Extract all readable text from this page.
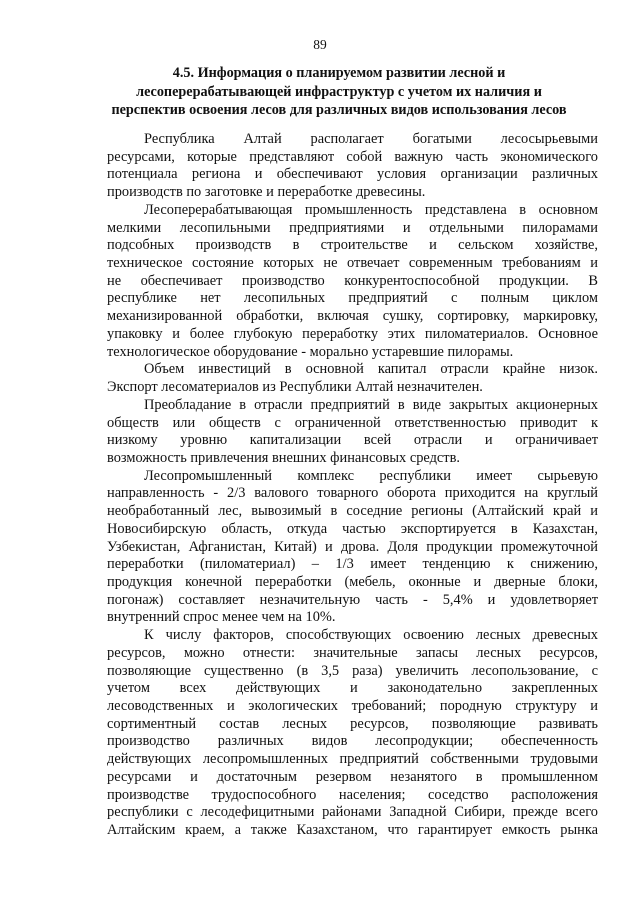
89
4.5. Информация о планируемом развитии лесной и
лесоперерабатывающей инфраструктур с учетом их наличия и
перспектив освоения лесов для различных видов использования лесов
Республика Алтай располагает богатыми лесосырьевыми
ресурсами, которые представляют собой важную часть экономического
потенциала региона и обеспечивают условия организации различных
производств по заготовке и переработке древесины.
Лесоперерабатывающая промышленность представлена в основном
мелкими лесопильными предприятиями и отдельными пилорамами
подсобных производств в строительстве и сельском хозяйстве,
техническое состояние которых не отвечает современным требованиям и
не обеспечивает производство конкурентоспособной продукции. В
республике нет лесопильных предприятий с полным циклом
механизированной обработки, включая сушку, сортировку, маркировку,
упаковку и более глубокую переработку этих пиломатериалов. Основное
технологическое оборудование - морально устаревшие пилорамы.
Объем инвестиций в основной капитал отрасли крайне низок.
Экспорт лесоматериалов из Республики Алтай незначителен.
Преобладание в отрасли предприятий в виде закрытых акционерных
обществ или обществ с ограниченной ответственностью приводит к
низкому уровню капитализации всей отрасли и ограничивает
возможность привлечения внешних финансовых средств.
Лесопромышленный комплекс республики имеет сырьевую
направленность - 2/3 валового товарного оборота приходится на круглый
необработанный лес, вывозимый в соседние регионы (Алтайский край и
Новосибирскую область, откуда частью экспортируется в Казахстан,
Узбекистан, Афганистан, Китай) и дрова. Доля продукции промежуточной
переработки (пиломатериал) – 1/3 имеет тенденцию к снижению,
продукция конечной переработки (мебель, оконные и дверные блоки,
погонаж) составляет незначительную часть - 5,4% и удовлетворяет
внутренний спрос менее чем на 10%.
К числу факторов, способствующих освоению лесных древесных
ресурсов, можно отнести: значительные запасы лесных ресурсов,
позволяющие существенно (в 3,5 раза) увеличить лесопользование, с
учетом всех действующих и законодательно закрепленных
лесоводственных и экологических требований; породную структуру и
сортиментный состав лесных ресурсов, позволяющие развивать
производство различных видов лесопродукции; обеспеченность
действующих лесопромышленных предприятий собственными трудовыми
ресурсами и достаточным резервом незанятого в промышленном
производстве трудоспособного населения; соседство расположения
республики с лесодефицитными районами Западной Сибири, прежде всего
Алтайским краем, а также Казахстаном, что гарантирует емкость рынка
